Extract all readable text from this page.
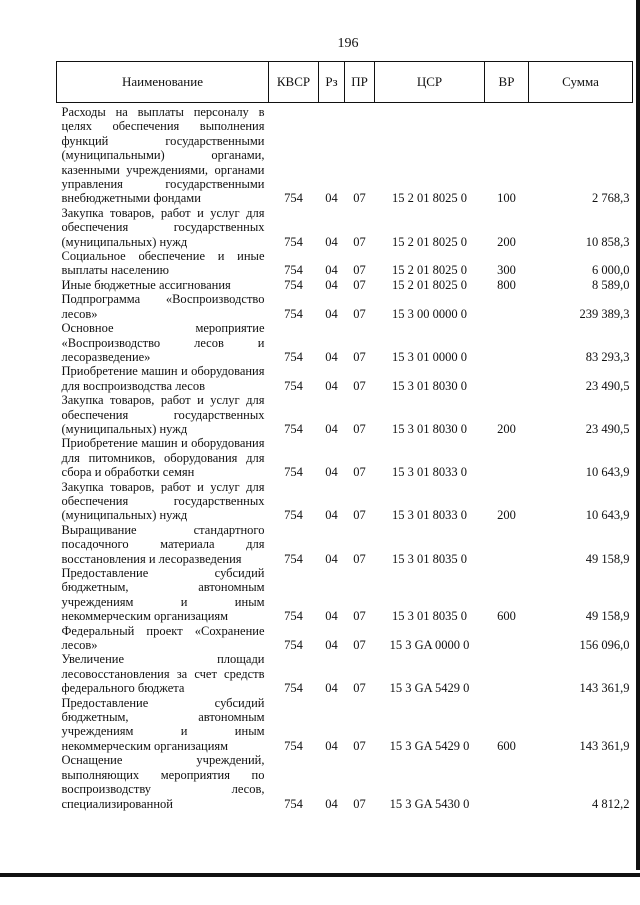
196
Наименование	КВСР	Рз	ПР	ЦСР	ВР	Сумма
Расходы на выплаты персоналу в целях обеспечения выполнения функций государственными (муниципальными) органами, казенными учреждениями, органами управления государственными внебюджетными фондами	754	04	07	15 2 01 8025 0	100	2 768,3
Закупка товаров, работ и услуг для обеспечения государственных (муниципальных) нужд	754	04	07	15 2 01 8025 0	200	10 858,3
Социальное обеспечение и иные выплаты населению	754	04	07	15 2 01 8025 0	300	6 000,0
Иные бюджетные ассигнования	754	04	07	15 2 01 8025 0	800	8 589,0
Подпрограмма «Воспроизводство лесов»	754	04	07	15 3 00 0000 0		239 389,3
Основное мероприятие «Воспроизводство лесов и лесоразведение»	754	04	07	15 3 01 0000 0		83 293,3
Приобретение машин и оборудования для воспроизводства лесов	754	04	07	15 3 01 8030 0		23 490,5
Закупка товаров, работ и услуг для обеспечения государственных (муниципальных) нужд	754	04	07	15 3 01 8030 0	200	23 490,5
Приобретение машин и оборудования для питомников, оборудования для сбора и обработки семян	754	04	07	15 3 01 8033 0		10 643,9
Закупка товаров, работ и услуг для обеспечения государственных (муниципальных) нужд	754	04	07	15 3 01 8033 0	200	10 643,9
Выращивание стандартного посадочного материала для восстановления и лесоразведения	754	04	07	15 3 01 8035 0		49 158,9
Предоставление субсидий бюджетным, автономным учреждениям и иным некоммерческим организациям	754	04	07	15 3 01 8035 0	600	49 158,9
Федеральный проект «Сохранение лесов»	754	04	07	15 3 GA 0000 0		156 096,0
Увеличение площади лесовосстановления за счет средств федерального бюджета	754	04	07	15 3 GA 5429 0		143 361,9
Предоставление субсидий бюджетным, автономным учреждениям и иным некоммерческим организациям	754	04	07	15 3 GA 5429 0	600	143 361,9
Оснащение учреждений, выполняющих мероприятия по воспроизводству лесов, специализированной	754	04	07	15 3 GA 5430 0		4 812,2
